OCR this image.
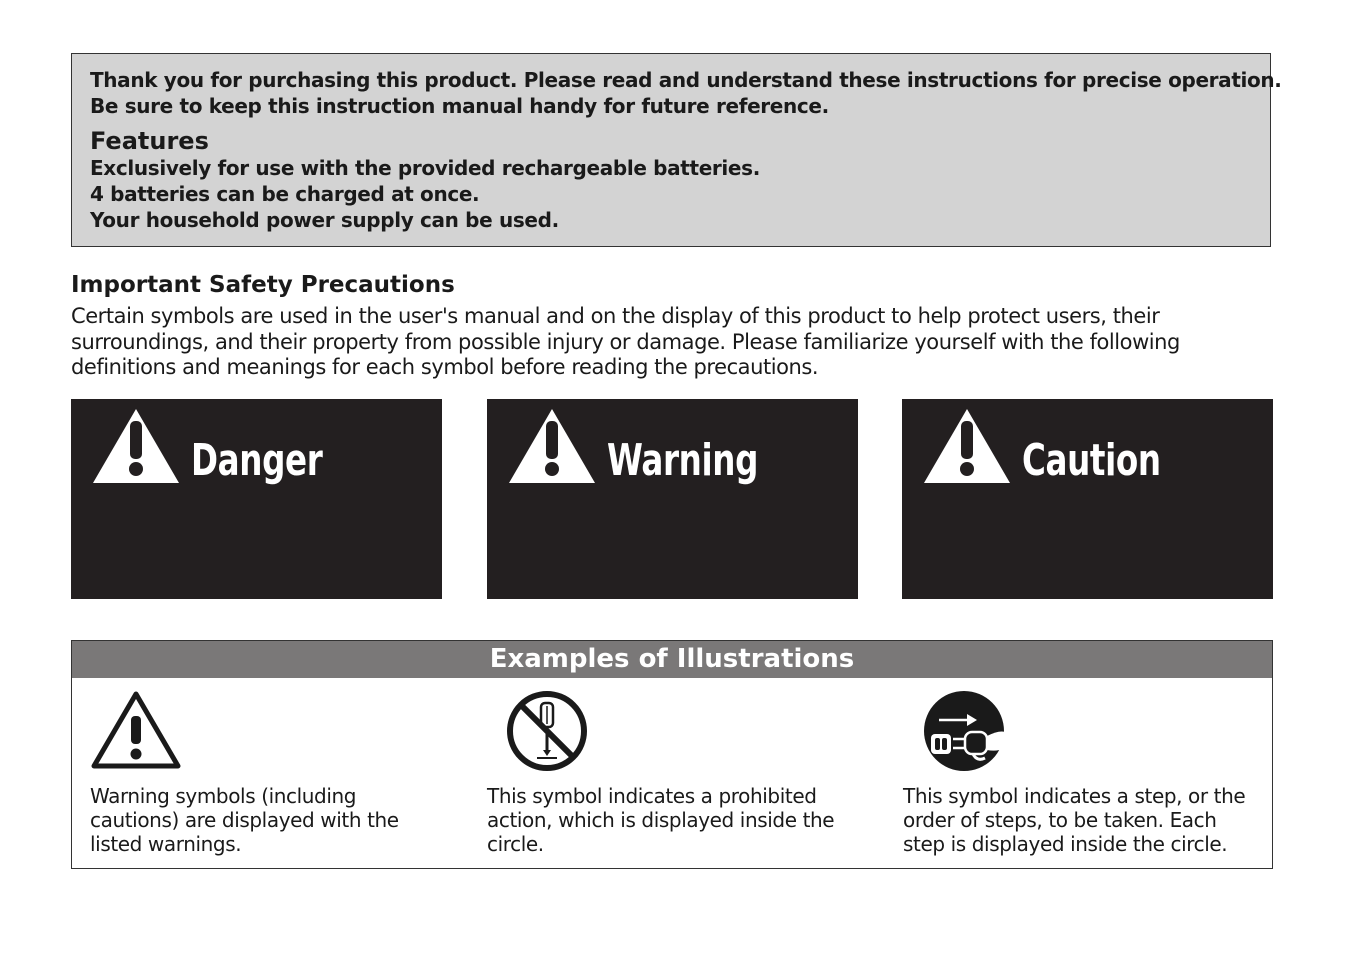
Thank you for purchasing this product. Please read and understand these instructions for precise operation.
Be sure to keep this instruction manual handy for future reference.
Features
Exclusively for use with the provided rechargeable batteries.
4 batteries can be charged at once.
Your household power supply can be used.
Important Safety Precautions
Certain symbols are used in the user's manual and on the display of this product to help protect users, their
surroundings, and their property from possible injury or damage. Please familiarize yourself with the following
definitions and meanings for each symbol before reading the precautions.
Danger	Warning	Caution
Examples of Illustrations
Warning symbols (including
cautions) are displayed with the
listed warnings.
This symbol indicates a prohibited
action, which is displayed inside the
circle.
This symbol indicates a step, or the
order of steps, to be taken. Each
step is displayed inside the circle.
